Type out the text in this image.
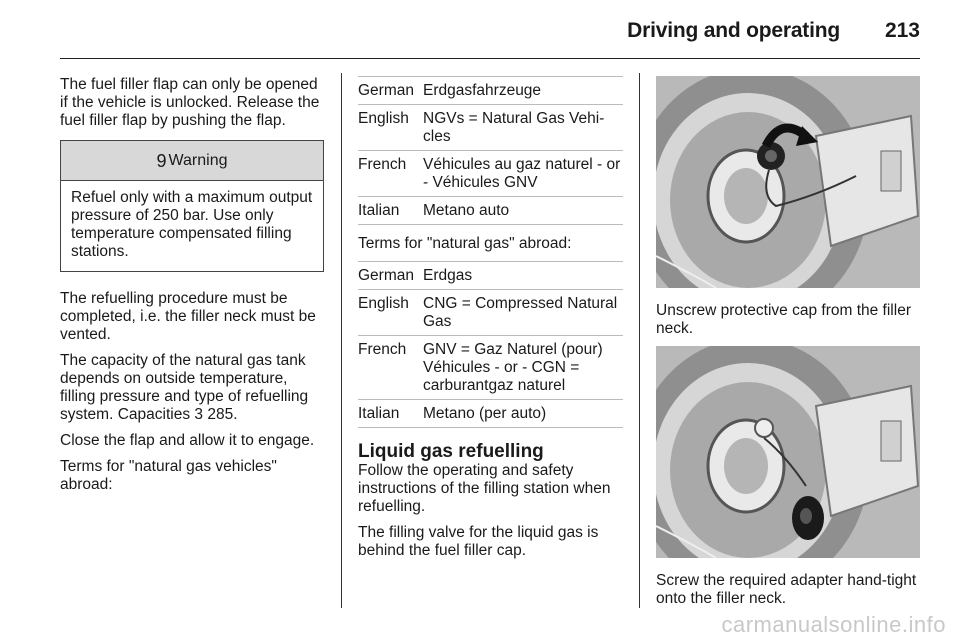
Driving and operating 213

The fuel filler flap can only be opened if the vehicle is unlocked. Release the fuel filler flap by pushing the flap.

9 Warning
Refuel only with a maximum output pressure of 250 bar. Use only temperature compensated filling stations.

The refuelling procedure must be completed, i.e. the filler neck must be vented.

The capacity of the natural gas tank depends on outside temperature, filling pressure and type of refuelling system. Capacities 3 285.

Close the flap and allow it to engage.

Terms for "natural gas vehicles" abroad:

German Erdgasfahrzeuge
English NGVs = Natural Gas Vehi-cles
French	Véhicules au gaz naturel - or - Véhicules GNV
Italian	Metano auto

Terms for "natural gas" abroad:

German Erdgas
English CNG = Compressed Natural Gas
French	GNV = Gaz Naturel (pour) Véhicules - or - CGN = carburantgaz naturel
Italian	Metano (per auto)
Liquid gas refuelling

Follow the operating and safety instructions of the filling station when refuelling.

The filling valve for the liquid gas is behind the fuel filler cap.

Unscrew protective cap from the filler neck.

Screw the required adapter hand-tight onto the filler neck.

carmanualsonline.info
